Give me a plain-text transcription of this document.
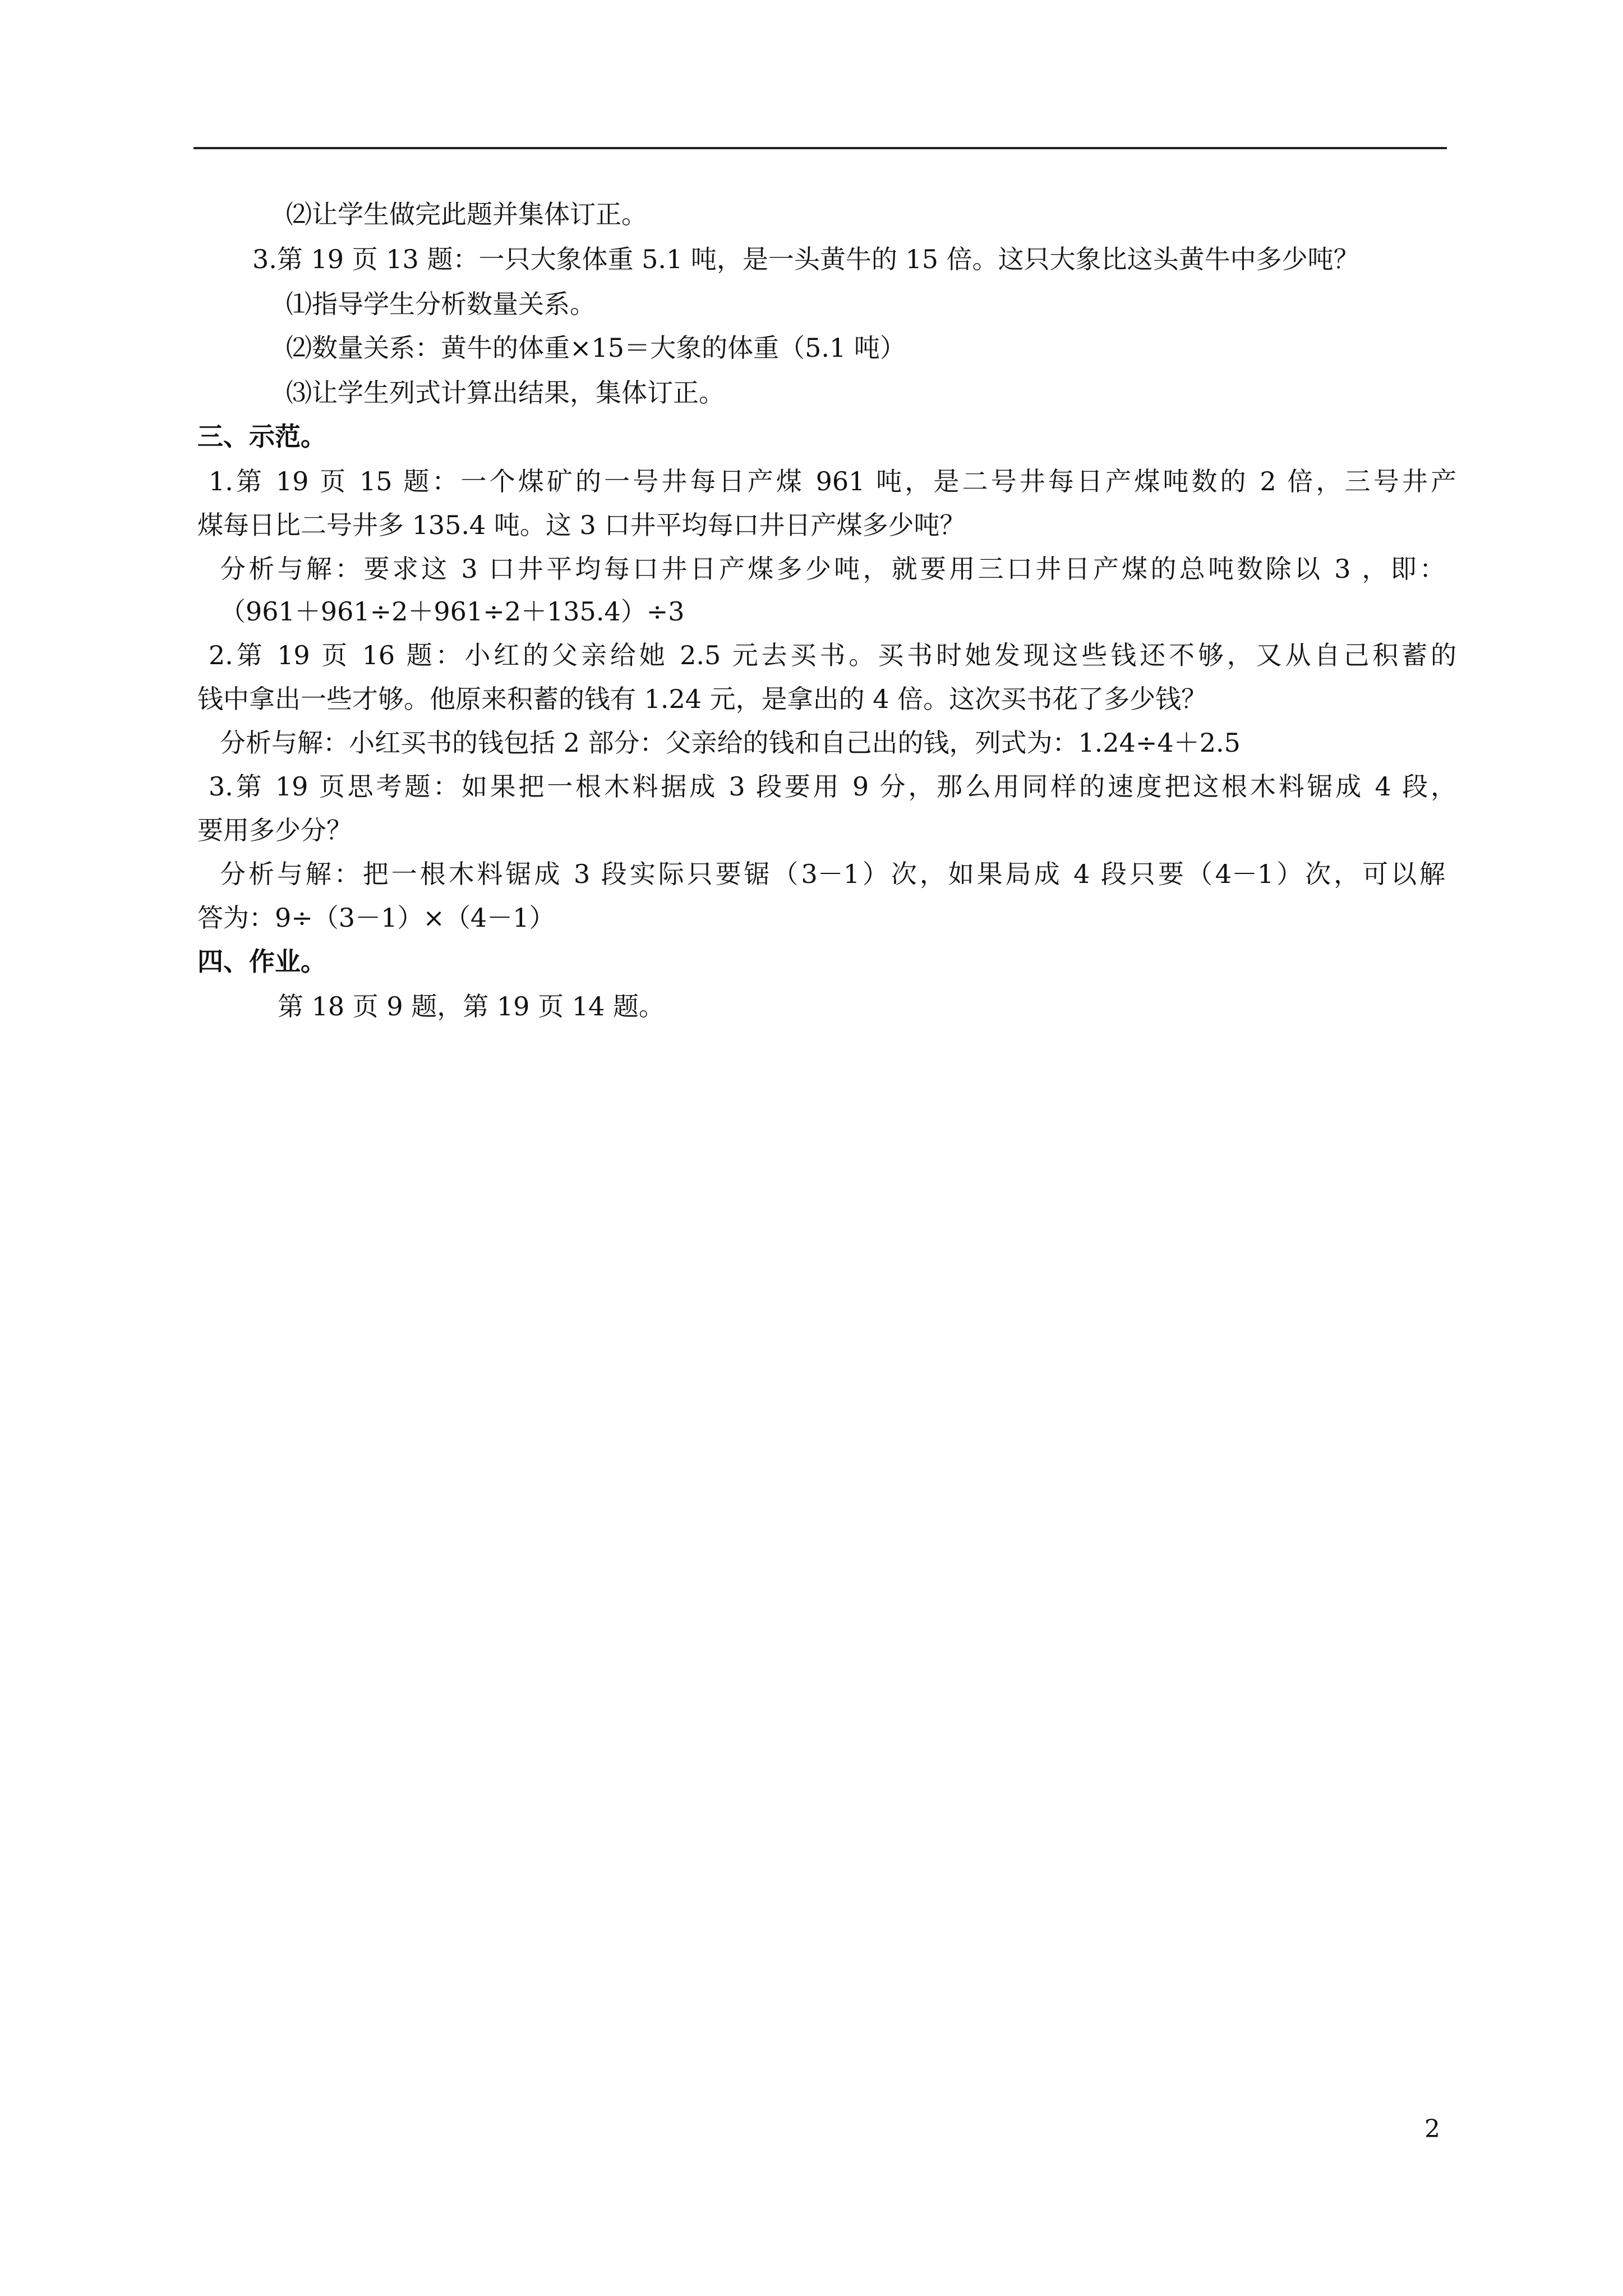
⑵让学生做完此题并集体订正。
3.第 19 页 13 题：一只大象体重 5.1 吨，是一头黄牛的 15 倍。这只大象比这头黄牛中多少吨？
⑴指导学生分析数量关系。
⑵数量关系：黄牛的体重×15＝大象的体重（5.1 吨）
⑶让学生列式计算出结果，集体订正。
三、示范。
1.第 19 页 15 题：一个煤矿的一号井每日产煤 961 吨，是二号井每日产煤吨数的 2 倍，三号井产
煤每日比二号井多 135.4 吨。这 3 口井平均每口井日产煤多少吨？
分析与解：要求这 3 口井平均每口井日产煤多少吨，就要用三口井日产煤的总吨数除以 3 ，即：
（961＋961÷2＋961÷2＋135.4）÷3
2.第 19 页 16 题：小红的父亲给她 2.5 元去买书。买书时她发现这些钱还不够，又从自己积蓄的
钱中拿出一些才够。他原来积蓄的钱有 1.24 元，是拿出的 4 倍。这次买书花了多少钱？
分析与解：小红买书的钱包括 2 部分：父亲给的钱和自己出的钱，列式为：1.24÷4＋2.5
3.第 19 页思考题：如果把一根木料据成 3 段要用 9 分，那么用同样的速度把这根木料锯成 4 段，
要用多少分？
分析与解：把一根木料锯成 3 段实际只要锯（3－1）次，如果局成 4 段只要（4－1）次，可以解
答为：9÷（3－1）×（4－1）
四、作业。
第 18 页 9 题，第 19 页 14 题。
2
